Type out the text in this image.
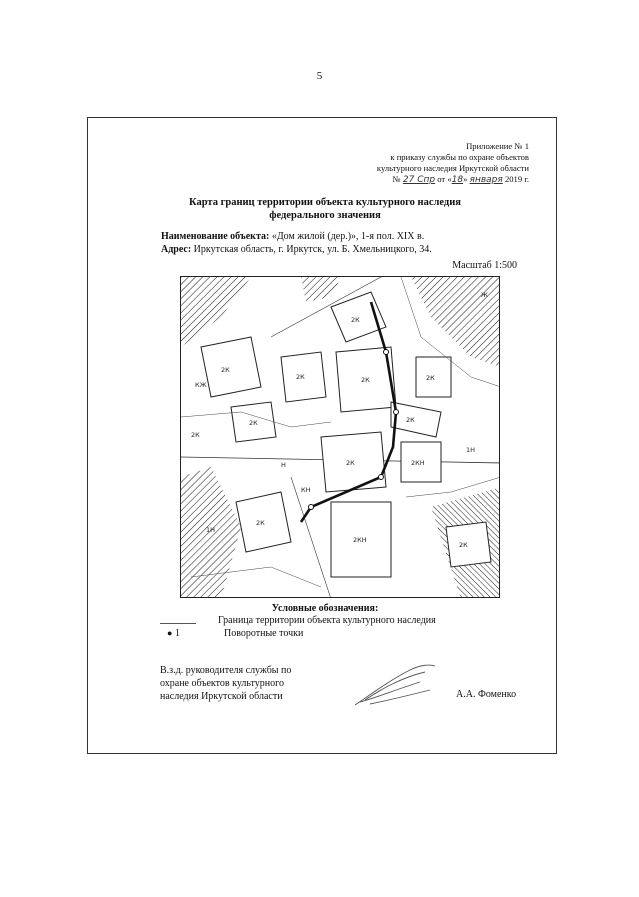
5
Приложение № 1
к приказу службы по охране объектов
культурного наследия Иркутской области
№ 27 Спр от «18» января 2019 г.
Карта границ территории объекта культурного наследия
федерального значения
Наименование объекта: «Дом жилой (дер.)», 1-я пол. XIX в.
Адрес: Иркутская область, г. Иркутск, ул. Б. Хмельницкого, 34.
Масштаб 1:500
2К
2К
2К
2К
2К
2К
2К
2К
2КН
2КН
2К
2К
КЖ
КН
Ж
Н
1Н
1Н
2К
Условные обозначения:
Граница территории объекта культурного наследия
● 1	Поворотные точки
В.з.д. руководителя службы по
охране объектов культурного
наследия Иркутской области	А.А. Фоменко
